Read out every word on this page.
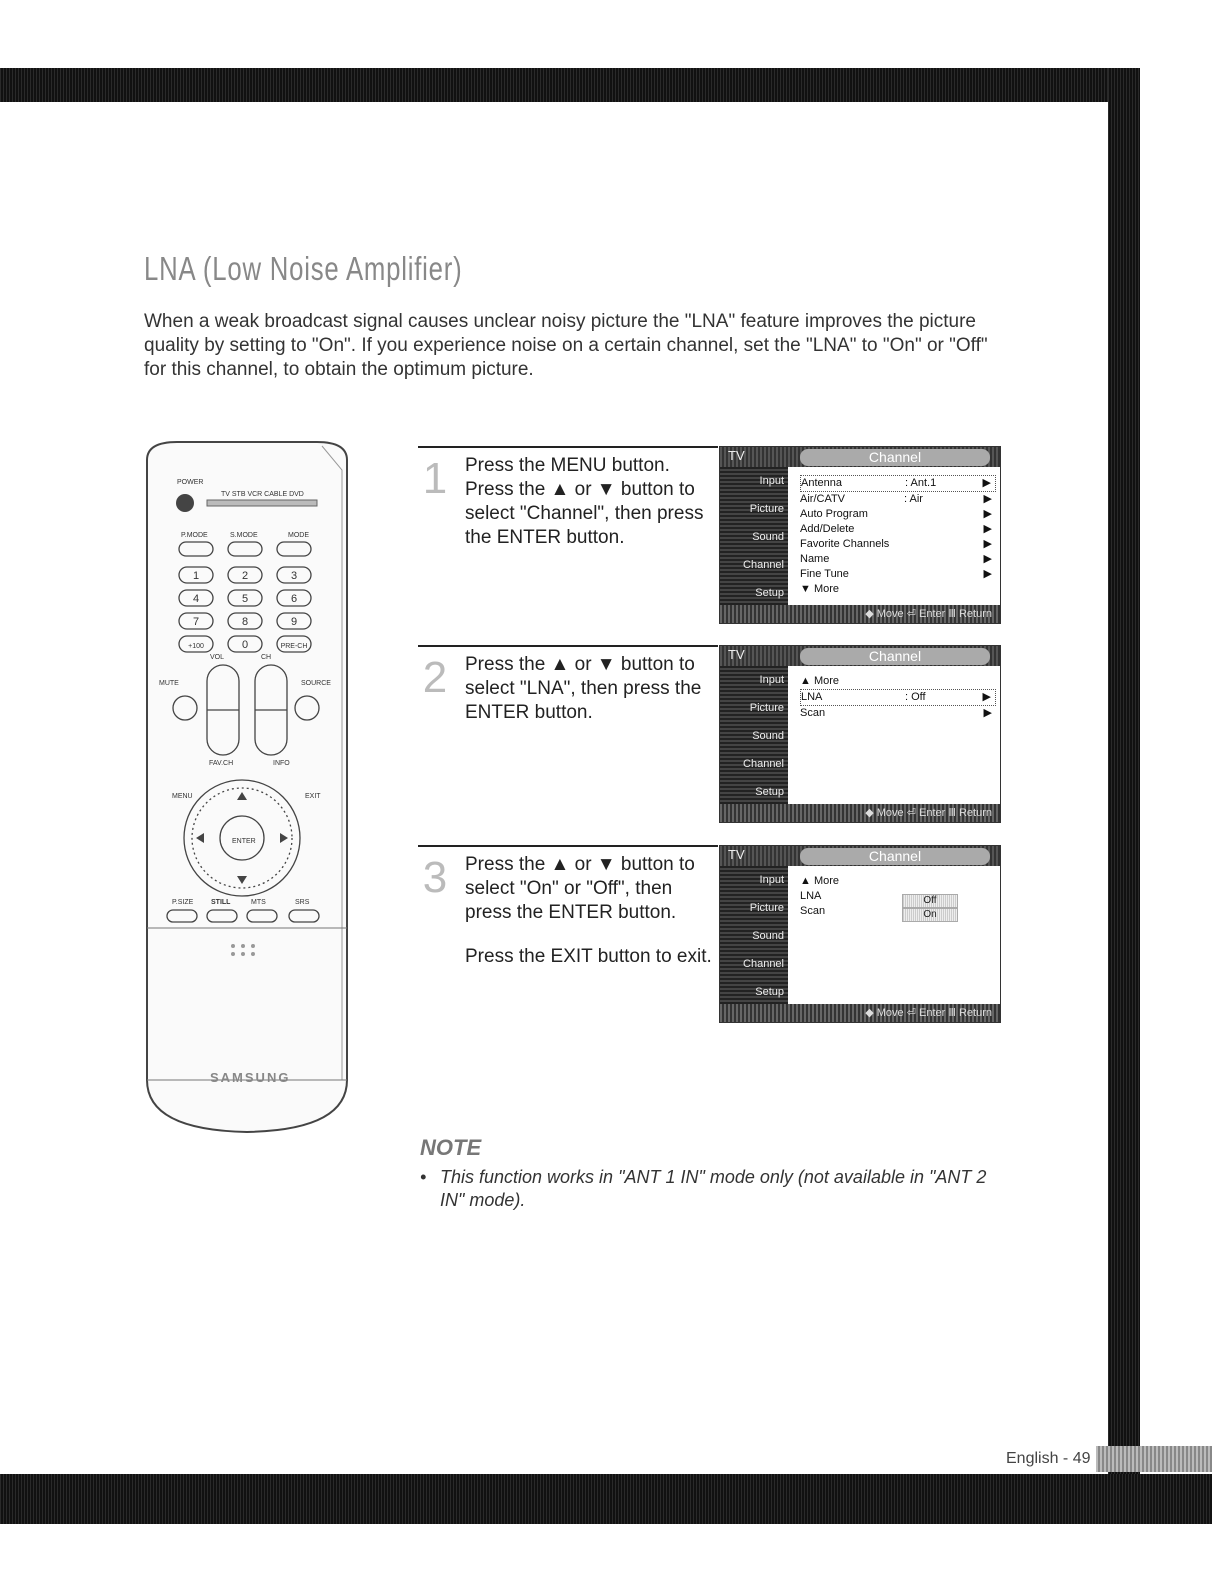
LNA (Low Noise Amplifier)
When a weak broadcast signal causes unclear noisy picture the "LNA" feature improves the picture quality by setting to "On". If you experience noise on a certain channel, set the "LNA" to "On" or "Off" for this channel, to obtain the optimum picture.
POWER
TV STB VCR CABLE DVD
P.MODE	S.MODE	MODE
1	2	3
4	5	6
7	8	9
+100	0	PRE-CH
VOL	CH
MUTE	SOURCE
FAV.CH	INFO
MENU	EXIT
ENTER
P.SIZE	STILL	MTS	SRS
SAMSUNG
1 Press the MENU button.
Press the ▲ or ▼ button to select "Channel", then press the ENTER button.

TV	Channel
Input
Picture
Sound
Channel
Setup
Antenna	: Ant.1	▶
Air/CATV	: Air	▶
Auto Program	▶
Add/Delete	▶
Favorite Channels	▶
Name	▶
Fine Tune	▶
▼ More
◆ Move ⏎ Enter Ⅲ Return
2 Press the ▲ or ▼ button to select "LNA", then press the ENTER button.

TV	Channel
Input
Picture
Sound
Channel
Setup
▲ More
LNA	: Off	▶
Scan	▶
◆ Move ⏎ Enter Ⅲ Return
3 Press the ▲ or ▼ button to select "On" or "Off", then press the ENTER button.

Press the EXIT button to exit.

TV	Channel
Input
Picture
Sound
Channel
Setup
▲ More
LNA
Scan
Off
On
◆ Move ⏎ Enter Ⅲ Return
NOTE
• This function works in "ANT 1 IN" mode only (not available in "ANT 2 IN" mode).
English - 49
